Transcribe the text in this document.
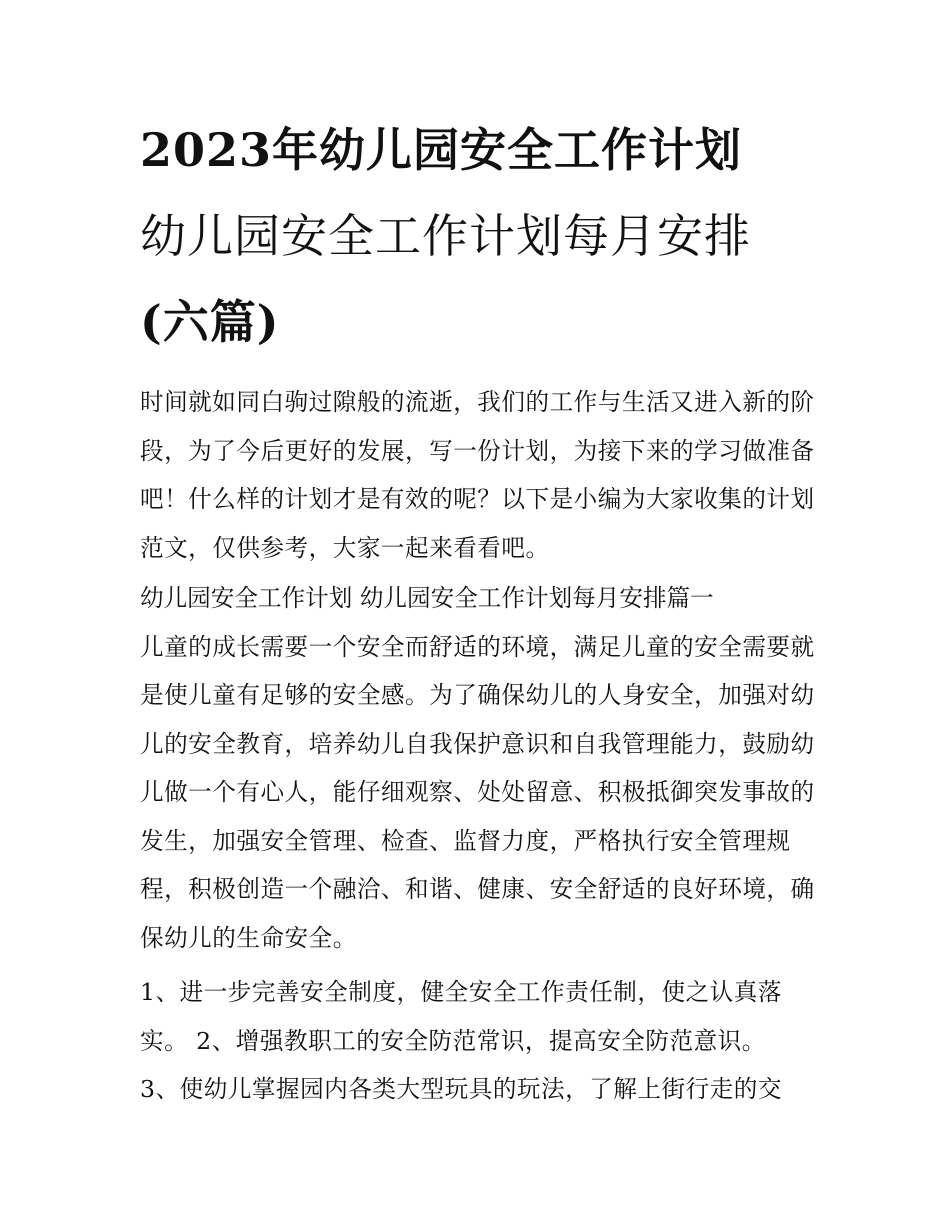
2023年幼儿园安全工作计划
幼儿园安全工作计划每月安排
(六篇)

时间就如同白驹过隙般的流逝，我们的工作与生活又进入新的阶段，为了今后更好的发展，写一份计划，为接下来的学习做准备吧！什么样的计划才是有效的呢？以下是小编为大家收集的计划范文，仅供参考，大家一起来看看吧。

幼儿园安全工作计划 幼儿园安全工作计划每月安排篇一

儿童的成长需要一个安全而舒适的环境，满足儿童的安全需要就是使儿童有足够的安全感。为了确保幼儿的人身安全，加强对幼儿的安全教育，培养幼儿自我保护意识和自我管理能力，鼓励幼儿做一个有心人，能仔细观察、处处留意、积极抵御突发事故的发生，加强安全管理、检查、监督力度，严格执行安全管理规程，积极创造一个融洽、和谐、健康、安全舒适的良好环境，确保幼儿的生命安全。

1、进一步完善安全制度，健全安全工作责任制，使之认真落实。 2、增强教职工的安全防范常识，提高安全防范意识。

3、使幼儿掌握园内各类大型玩具的玩法，了解上街行走的交
